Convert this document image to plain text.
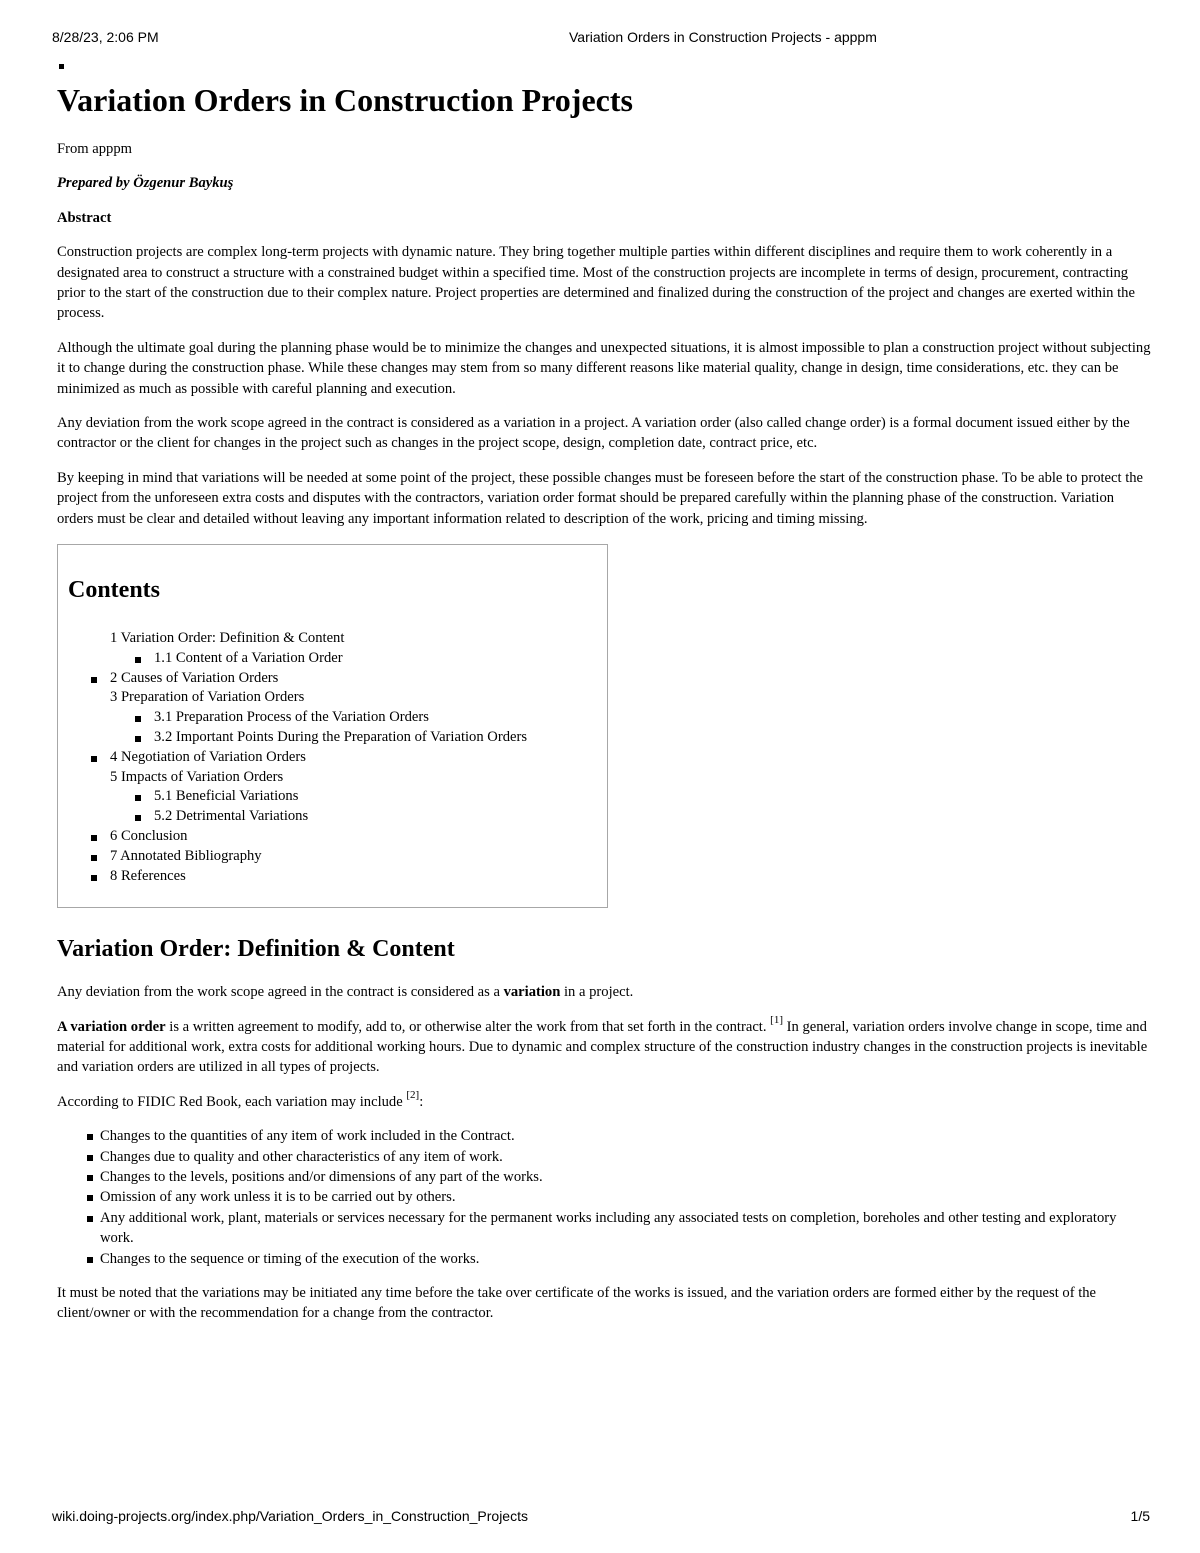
8/28/23, 2:06 PM	Variation Orders in Construction Projects - apppm
Variation Orders in Construction Projects
From apppm
Prepared by Özgenur Baykuş
Abstract

Construction projects are complex long-term projects with dynamic nature. They bring together multiple parties within different disciplines and require them to work coherently in a designated area to construct a structure with a constrained budget within a specified time. Most of the construction projects are incomplete in terms of design, procurement, contracting prior to the start of the construction due to their complex nature. Project properties are determined and finalized during the construction of the project and changes are exerted within the process.

Although the ultimate goal during the planning phase would be to minimize the changes and unexpected situations, it is almost impossible to plan a construction project without subjecting it to change during the construction phase. While these changes may stem from so many different reasons like material quality, change in design, time considerations, etc. they can be minimized as much as possible with careful planning and execution.

Any deviation from the work scope agreed in the contract is considered as a variation in a project. A variation order (also called change order) is a formal document issued either by the contractor or the client for changes in the project such as changes in the project scope, design, completion date, contract price, etc.

By keeping in mind that variations will be needed at some point of the project, these possible changes must be foreseen before the start of the construction phase. To be able to protect the project from the unforeseen extra costs and disputes with the contractors, variation order format should be prepared carefully within the planning phase of the construction. Variation orders must be clear and detailed without leaving any important information related to description of the work, pricing and timing missing.

Contents
1 Variation Order: Definition & Content
1.1 Content of a Variation Order
2 Causes of Variation Orders
3 Preparation of Variation Orders
3.1 Preparation Process of the Variation Orders
3.2 Important Points During the Preparation of Variation Orders
4 Negotiation of Variation Orders
5 Impacts of Variation Orders
5.1 Beneficial Variations
5.2 Detrimental Variations
6 Conclusion
7 Annotated Bibliography
8 References
Variation Order: Definition & Content

Any deviation from the work scope agreed in the contract is considered as a variation in a project.

A variation order is a written agreement to modify, add to, or otherwise alter the work from that set forth in the contract. [1] In general, variation orders involve change in scope, time and material for additional work, extra costs for additional working hours. Due to dynamic and complex structure of the construction industry changes in the construction projects is inevitable and variation orders are utilized in all types of projects.

According to FIDIC Red Book, each variation may include [2]:

Changes to the quantities of any item of work included in the Contract.
Changes due to quality and other characteristics of any item of work.
Changes to the levels, positions and/or dimensions of any part of the works.
Omission of any work unless it is to be carried out by others.
Any additional work, plant, materials or services necessary for the permanent works including any associated tests on completion, boreholes and other testing and exploratory work.
Changes to the sequence or timing of the execution of the works.

It must be noted that the variations may be initiated any time before the take over certificate of the works is issued, and the variation orders are formed either by the request of the client/owner or with the recommendation for a change from the contractor.

wiki.doing-projects.org/index.php/Variation_Orders_in_Construction_Projects	1/5
